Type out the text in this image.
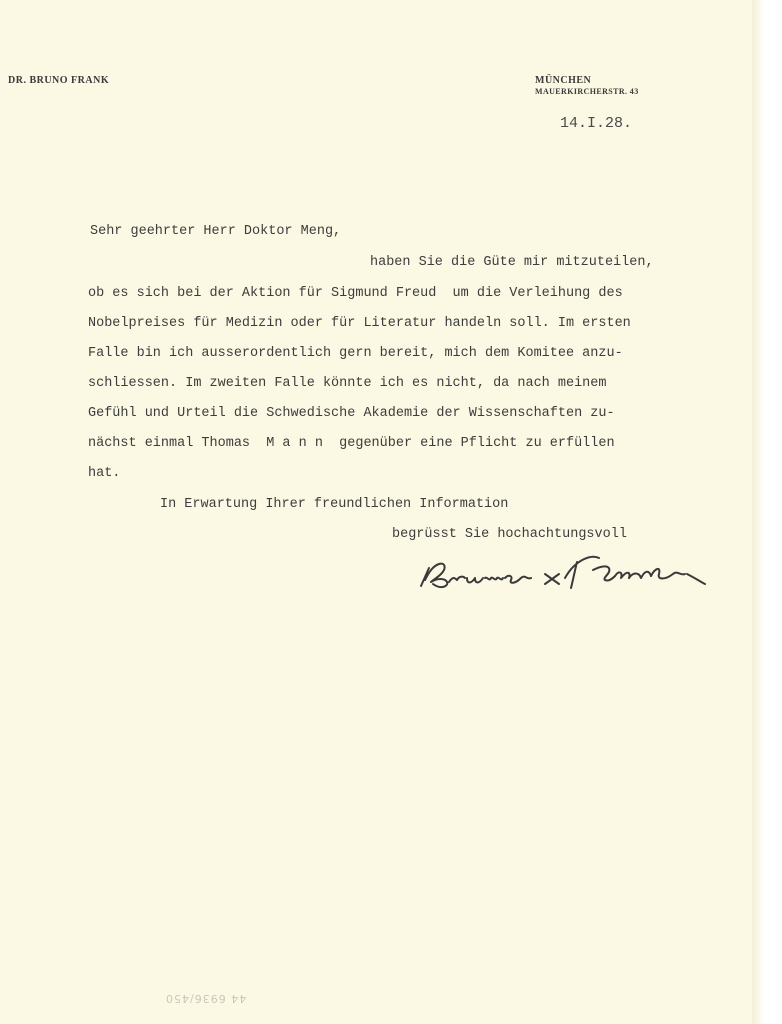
DR. BRUNO FRANK	MÜNCHEN
MAUERKIRCHERSTR. 43
14.I.28.
Sehr geehrter Herr Doktor Meng,
haben Sie die Güte mir mitzuteilen,
ob es sich bei der Aktion für Sigmund Freud  um die Verleihung des
Nobelpreises für Medizin oder für Literatur handeln soll. Im ersten
Falle bin ich ausserordentlich gern bereit, mich dem Komitee anzu-
schliessen. Im zweiten Falle könnte ich es nicht, da nach meinem
Gefühl und Urteil die Schwedische Akademie der Wissenschaften zu-
nächst einmal Thomas  M a n n  gegenüber eine Pflicht zu erfüllen
hat.
In Erwartung Ihrer freundlichen Information
begrüsst Sie hochachtungsvoll
44 6936/450
